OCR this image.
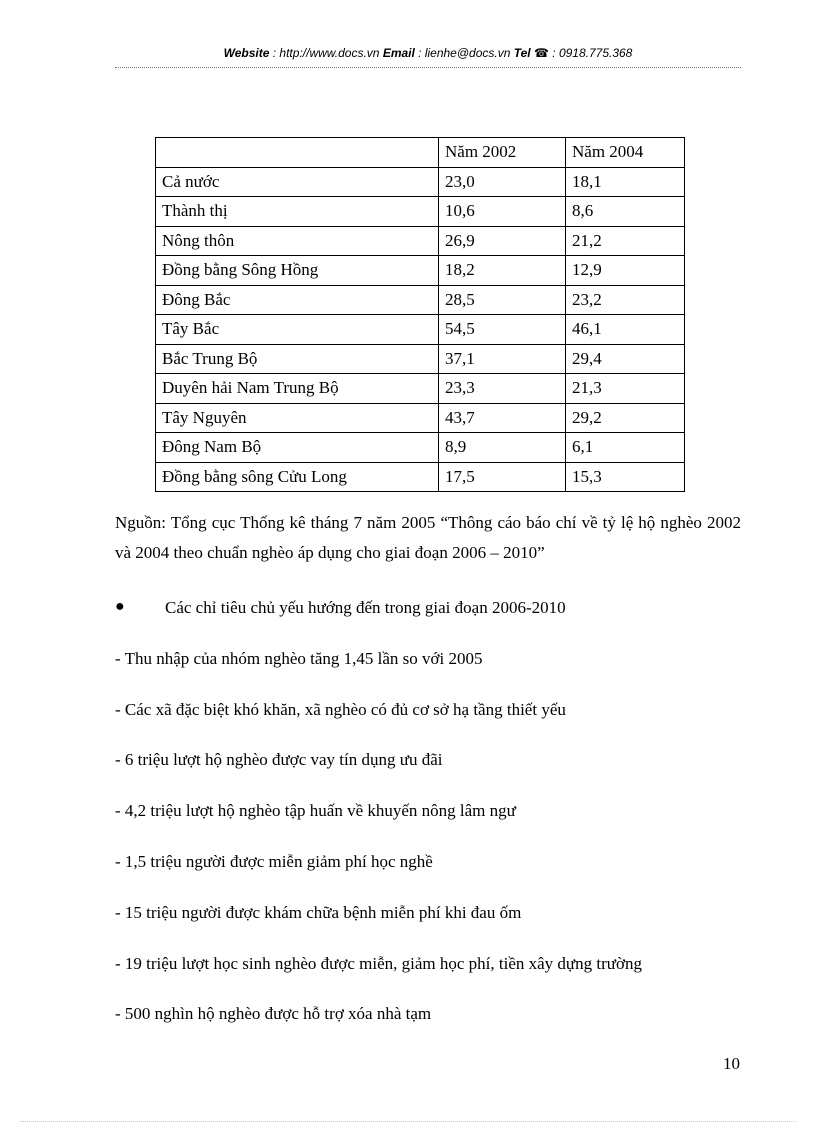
Website : http://www.docs.vn Email : lienhe@docs.vn Tel ☎ : 0918.775.368
	Năm 2002	Năm 2004
Cả nước	23,0	18,1
Thành thị	10,6	8,6
Nông thôn	26,9	21,2
Đồng bằng Sông Hồng	18,2	12,9
Đông Bắc	28,5	23,2
Tây Bắc	54,5	46,1
Bắc Trung Bộ	37,1	29,4
Duyên hải Nam Trung Bộ	23,3	21,3
Tây Nguyên	43,7	29,2
Đông Nam Bộ	8,9	6,1
Đồng bằng sông Cửu Long	17,5	15,3
Nguồn: Tổng cục Thống kê tháng 7 năm 2005 “Thông cáo báo chí về tỷ lệ hộ nghèo 2002 và 2004 theo chuẩn nghèo áp dụng cho giai đoạn 2006 – 2010”
● Các chỉ tiêu chủ yếu hướng đến trong giai đoạn 2006-2010
- Thu nhập của nhóm nghèo tăng 1,45 lần so với 2005
- Các xã đặc biệt khó khăn, xã nghèo có đủ cơ sở hạ tầng thiết yếu
- 6 triệu lượt hộ nghèo được vay tín dụng ưu đãi
- 4,2 triệu lượt hộ nghèo tập huấn về khuyến nông lâm ngư
- 1,5 triệu người được miễn giảm phí học nghề
- 15 triệu người được khám chữa bệnh miễn phí khi đau ốm
- 19 triệu lượt học sinh nghèo được miễn, giảm học phí, tiền xây dựng trường
- 500 nghìn hộ nghèo được hỗ trợ xóa nhà tạm
10
